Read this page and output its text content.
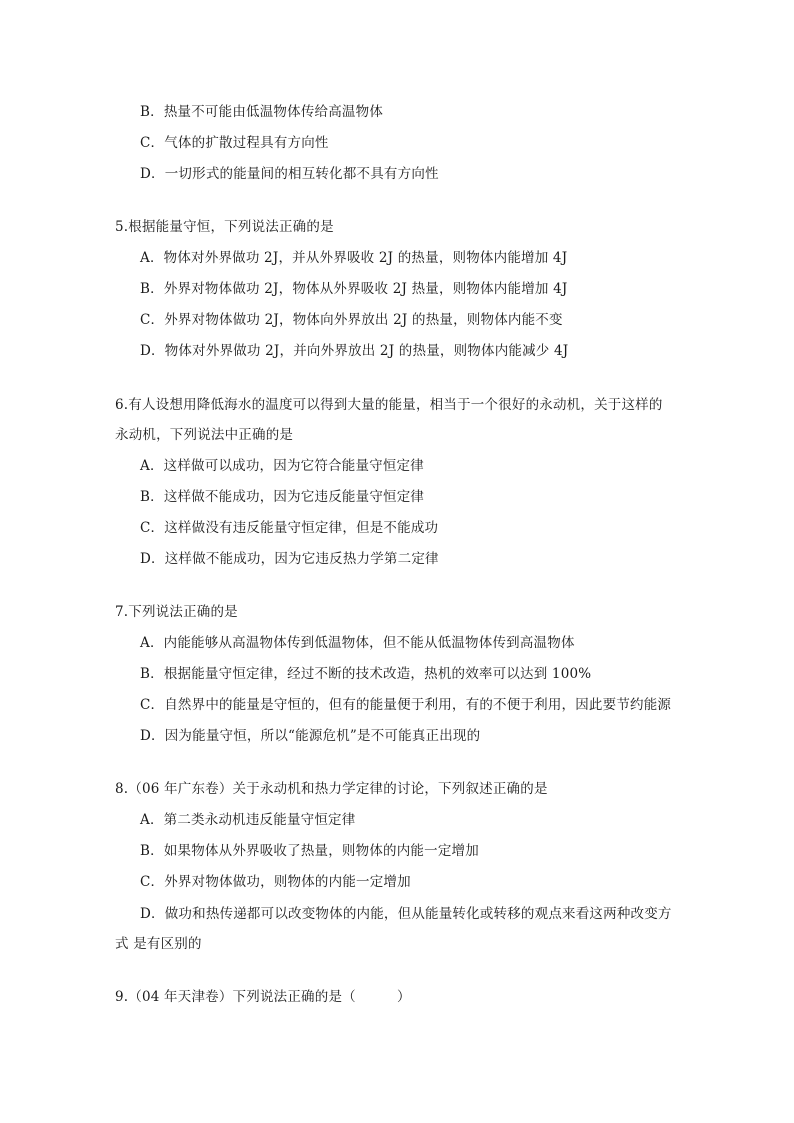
B．热量不可能由低温物体传给高温物体
C．气体的扩散过程具有方向性
D．一切形式的能量间的相互转化都不具有方向性
5.根据能量守恒，下列说法正确的是
A．物体对外界做功 2J，并从外界吸收 2J 的热量，则物体内能增加 4J
B．外界对物体做功 2J，物体从外界吸收 2J 热量，则物体内能增加 4J
C．外界对物体做功 2J，物体向外界放出 2J 的热量，则物体内能不变
D．物体对外界做功 2J，并向外界放出 2J 的热量，则物体内能减少 4J
6.有人设想用降低海水的温度可以得到大量的能量，相当于一个很好的永动机，关于这样的
永动机，下列说法中正确的是
A．这样做可以成功，因为它符合能量守恒定律
B．这样做不能成功，因为它违反能量守恒定律
C．这样做没有违反能量守恒定律，但是不能成功
D．这样做不能成功，因为它违反热力学第二定律
7.下列说法正确的是
A．内能能够从高温物体传到低温物体，但不能从低温物体传到高温物体
B．根据能量守恒定律，经过不断的技术改造，热机的效率可以达到 100%
C．自然界中的能量是守恒的，但有的能量便于利用，有的不便于利用，因此要节约能源
D．因为能量守恒，所以“能源危机”是不可能真正出现的
8.（06 年广东卷）关于永动机和热力学定律的讨论，下列叙述正确的是
A．第二类永动机违反能量守恒定律
B．如果物体从外界吸收了热量，则物体的内能一定增加
C．外界对物体做功，则物体的内能一定增加
D．做功和热传递都可以改变物体的内能，但从能量转化或转移的观点来看这两种改变方
式 是有区别的
9.（04 年天津卷）下列说法正确的是（　　　）
